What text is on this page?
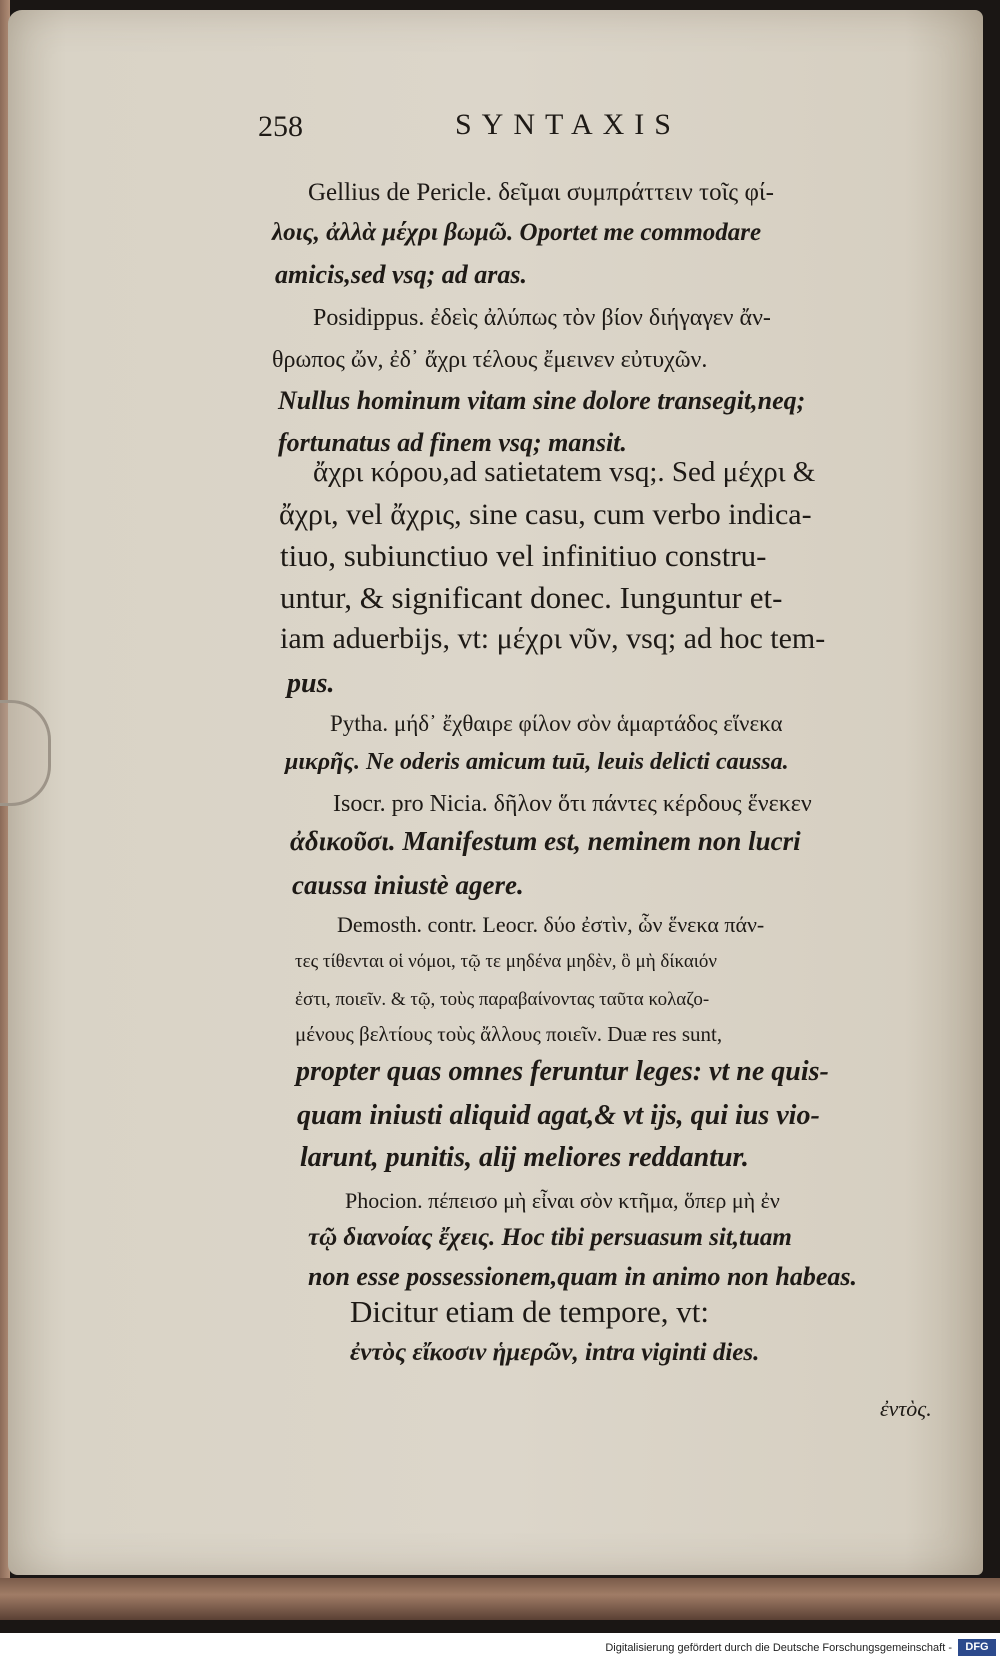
258	SYNTAXIS
Gellius de Pericle. δεῖμαι συμπράττειν τοῖς φί-
λοις, ἀλλὰ μέχρι βωμῶ. Oportet me commodare
amicis,sed vsq; ad aras.
Posidippus. ἐδεὶς ἀλύπως τὸν βίον διήγαγεν ἄν-
θρωπος ὤν, ἐδ᾽ ἄχρι τέλους ἔμεινεν εὐτυχῶν.
Nullus hominum vitam sine dolore transegit,neq;
fortunatus ad finem vsq; mansit.
ἄχρι κόρου,ad satietatem vsq;. Sed μέχρι &
ἄχρι, vel ἄχρις, sine casu, cum verbo indica-
tiuo, subiunctiuo vel infinitiuo constru-
untur, & significant donec. Iunguntur et-
iam aduerbijs, vt: μέχρι νῦν, vsq; ad hoc tem-
pus.
Pytha. μήδ᾽ ἔχθαιρε φίλον σὸν ἁμαρτάδος εἵνεκα
μικρῆς. Ne oderis amicum tuū, leuis delicti caussa.
Isocr. pro Nicia. δῆλον ὅτι πάντες κέρδους ἕνεκεν
ἀδικοῦσι. Manifestum est, neminem non lucri
caussa iniustè agere.
Demosth. contr. Leocr. δύο ἐστὶν, ὧν ἕνεκα πάν-
τες τίθενται οἱ νόμοι, τῷ τε μηδένα μηδὲν, ὃ μὴ δίκαιόν
ἐστι, ποιεῖν. & τῷ, τοὺς παραβαίνοντας ταῦτα κολαζο-
μένους βελτίους τοὺς ἄλλους ποιεῖν. Duæ res sunt,
propter quas omnes feruntur leges: vt ne quis-
quam iniusti aliquid agat,& vt ijs, qui ius vio-
larunt, punitis, alij meliores reddantur.
Phocion. πέπεισο μὴ εἶναι σὸν κτῆμα, ὅπερ μὴ ἐν
τῷ διανοίας ἔχεις. Hoc tibi persuasum sit,tuam
non esse possessionem,quam in animo non habeas.
Dicitur etiam de tempore, vt:
ἐντὸς εἴκοσιν ἡμερῶν, intra viginti dies.
ἐντὸς.
Digitalisierung gefördert durch die Deutsche Forschungsgemeinschaft -	DFG
